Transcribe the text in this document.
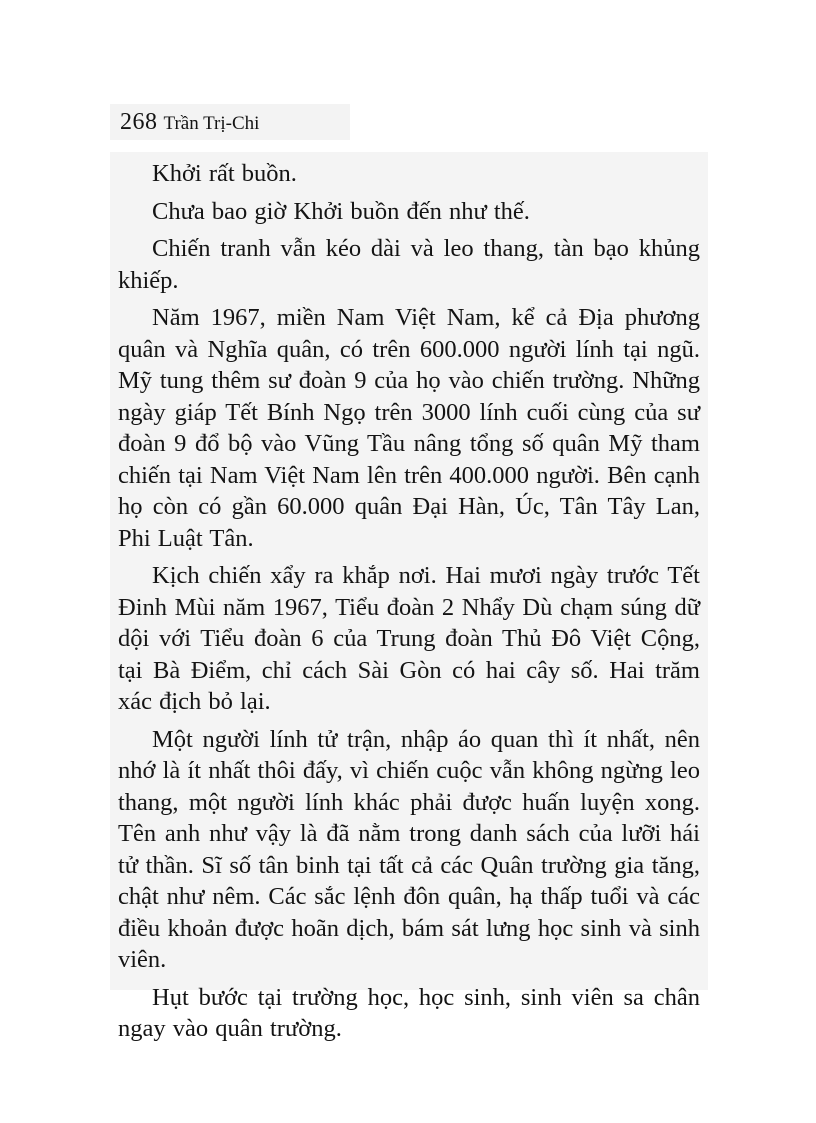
268 Trần Trị-Chi

Khởi rất buồn.

Chưa bao giờ Khởi buồn đến như thế.

Chiến tranh vẫn kéo dài và leo thang, tàn bạo khủng khiếp.

Năm 1967, miền Nam Việt Nam, kể cả Địa phương quân và Nghĩa quân, có trên 600.000 người lính tại ngũ. Mỹ tung thêm sư đoàn 9 của họ vào chiến trường. Những ngày giáp Tết Bính Ngọ trên 3000 lính cuối cùng của sư đoàn 9 đổ bộ vào Vũng Tầu nâng tổng số quân Mỹ tham chiến tại Nam Việt Nam lên trên 400.000 người. Bên cạnh họ còn có gần 60.000 quân Đại Hàn, Úc, Tân Tây Lan, Phi Luật Tân.

Kịch chiến xẩy ra khắp nơi. Hai mươi ngày trước Tết Đinh Mùi năm 1967, Tiểu đoàn 2 Nhẩy Dù chạm súng dữ dội với Tiểu đoàn 6 của Trung đoàn Thủ Đô Việt Cộng, tại Bà Điểm, chỉ cách Sài Gòn có hai cây số. Hai trăm xác địch bỏ lại.

Một người lính tử trận, nhập áo quan thì ít nhất, nên nhớ là ít nhất thôi đấy, vì chiến cuộc vẫn không ngừng leo thang, một người lính khác phải được huấn luyện xong. Tên anh như vậy là đã nằm trong danh sách của lưỡi hái tử thần. Sĩ số tân binh tại tất cả các Quân trường gia tăng, chật như nêm. Các sắc lệnh đôn quân, hạ thấp tuổi và các điều khoản được hoãn dịch, bám sát lưng học sinh và sinh viên.

Hụt bước tại trường học, học sinh, sinh viên sa chân ngay vào quân trường.
